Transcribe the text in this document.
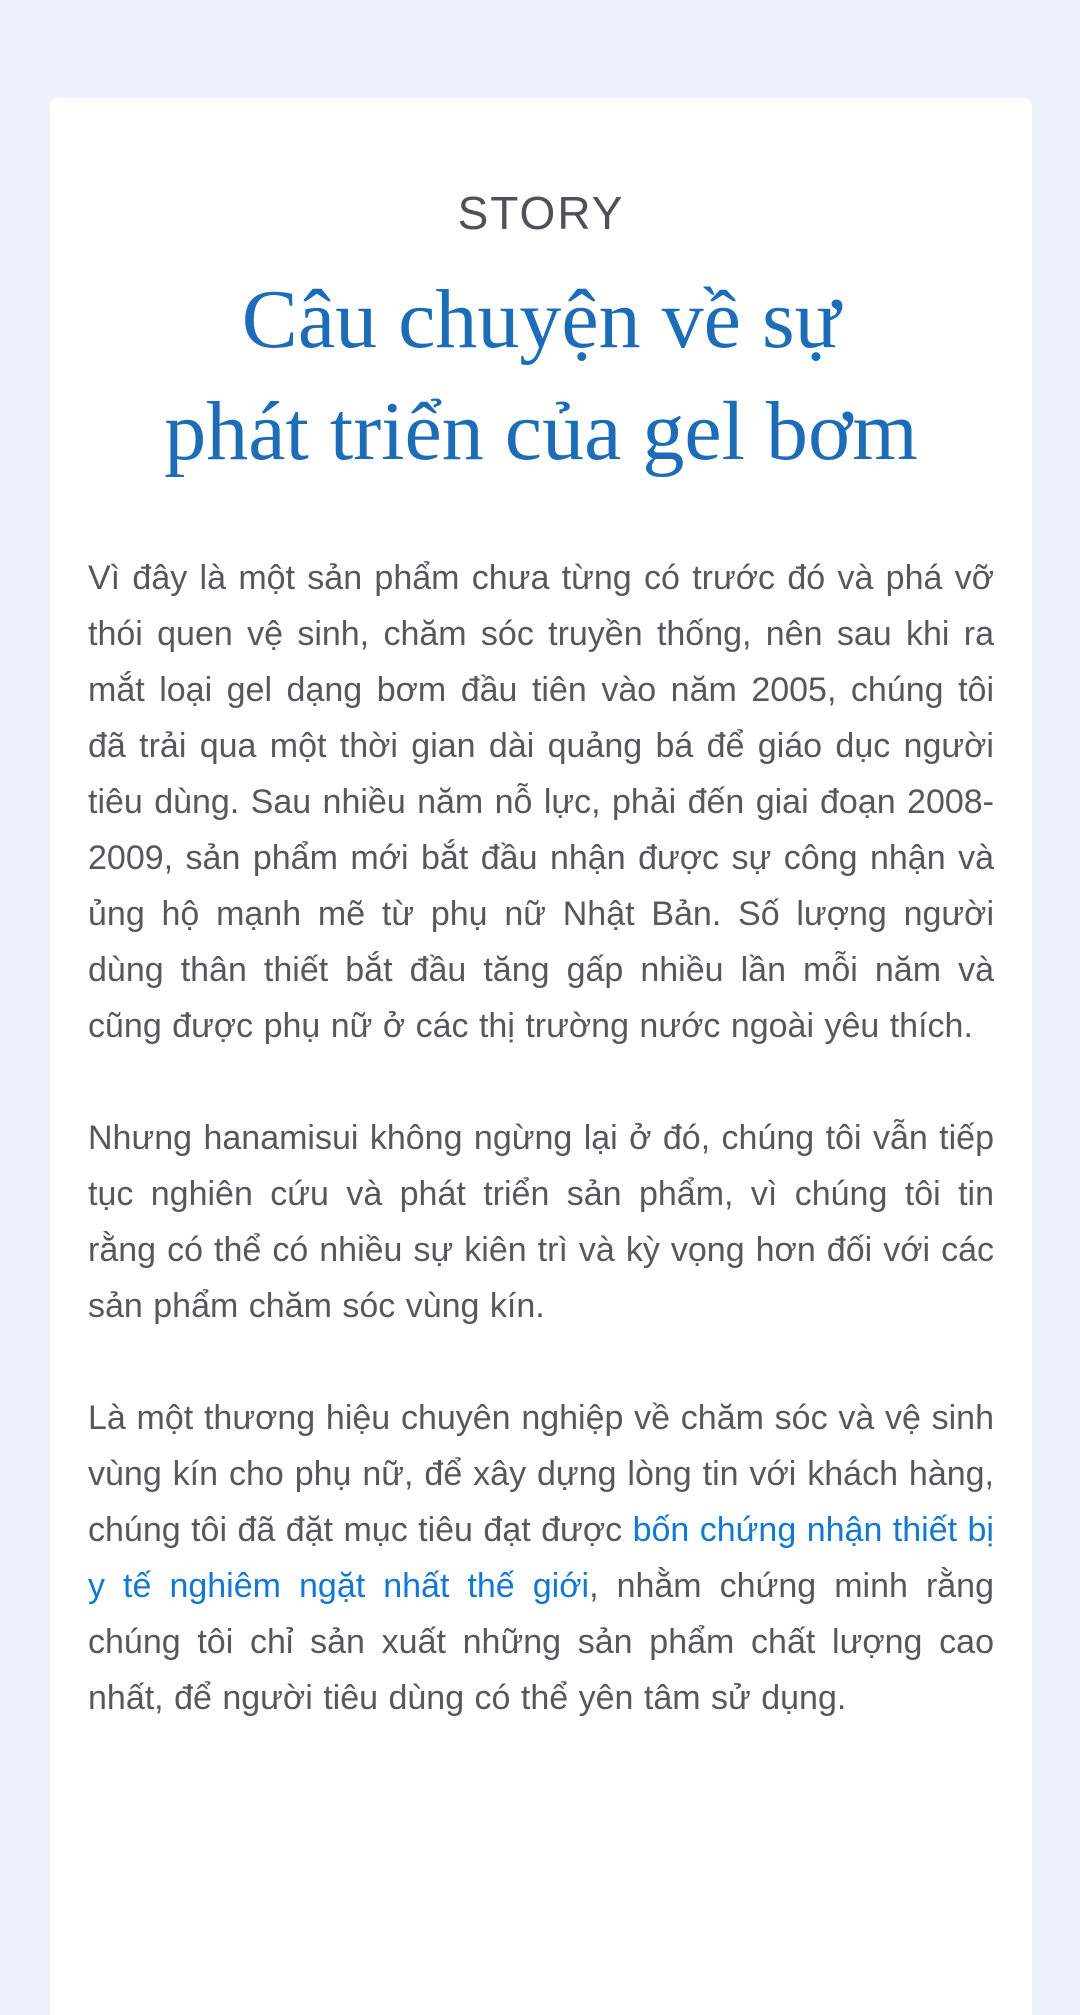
STORY
Câu chuyện về sự
phát triển của gel bơm

Vì đây là một sản phẩm chưa từng có trước đó và phá vỡ thói quen vệ sinh, chăm sóc truyền thống, nên sau khi ra mắt loại gel dạng bơm đầu tiên vào năm 2005, chúng tôi đã trải qua một thời gian dài quảng bá để giáo dục người tiêu dùng. Sau nhiều năm nỗ lực, phải đến giai đoạn 2008-2009, sản phẩm mới bắt đầu nhận được sự công nhận và ủng hộ mạnh mẽ từ phụ nữ Nhật Bản. Số lượng người dùng thân thiết bắt đầu tăng gấp nhiều lần mỗi năm và cũng được phụ nữ ở các thị trường nước ngoài yêu thích.

Nhưng hanamisui không ngừng lại ở đó, chúng tôi vẫn tiếp tục nghiên cứu và phát triển sản phẩm, vì chúng tôi tin rằng có thể có nhiều sự kiên trì và kỳ vọng hơn đối với các sản phẩm chăm sóc vùng kín.

Là một thương hiệu chuyên nghiệp về chăm sóc và vệ sinh vùng kín cho phụ nữ, để xây dựng lòng tin với khách hàng, chúng tôi đã đặt mục tiêu đạt được bốn chứng nhận thiết bị y tế nghiêm ngặt nhất thế giới, nhằm chứng minh rằng chúng tôi chỉ sản xuất những sản phẩm chất lượng cao nhất, để người tiêu dùng có thể yên tâm sử dụng.
